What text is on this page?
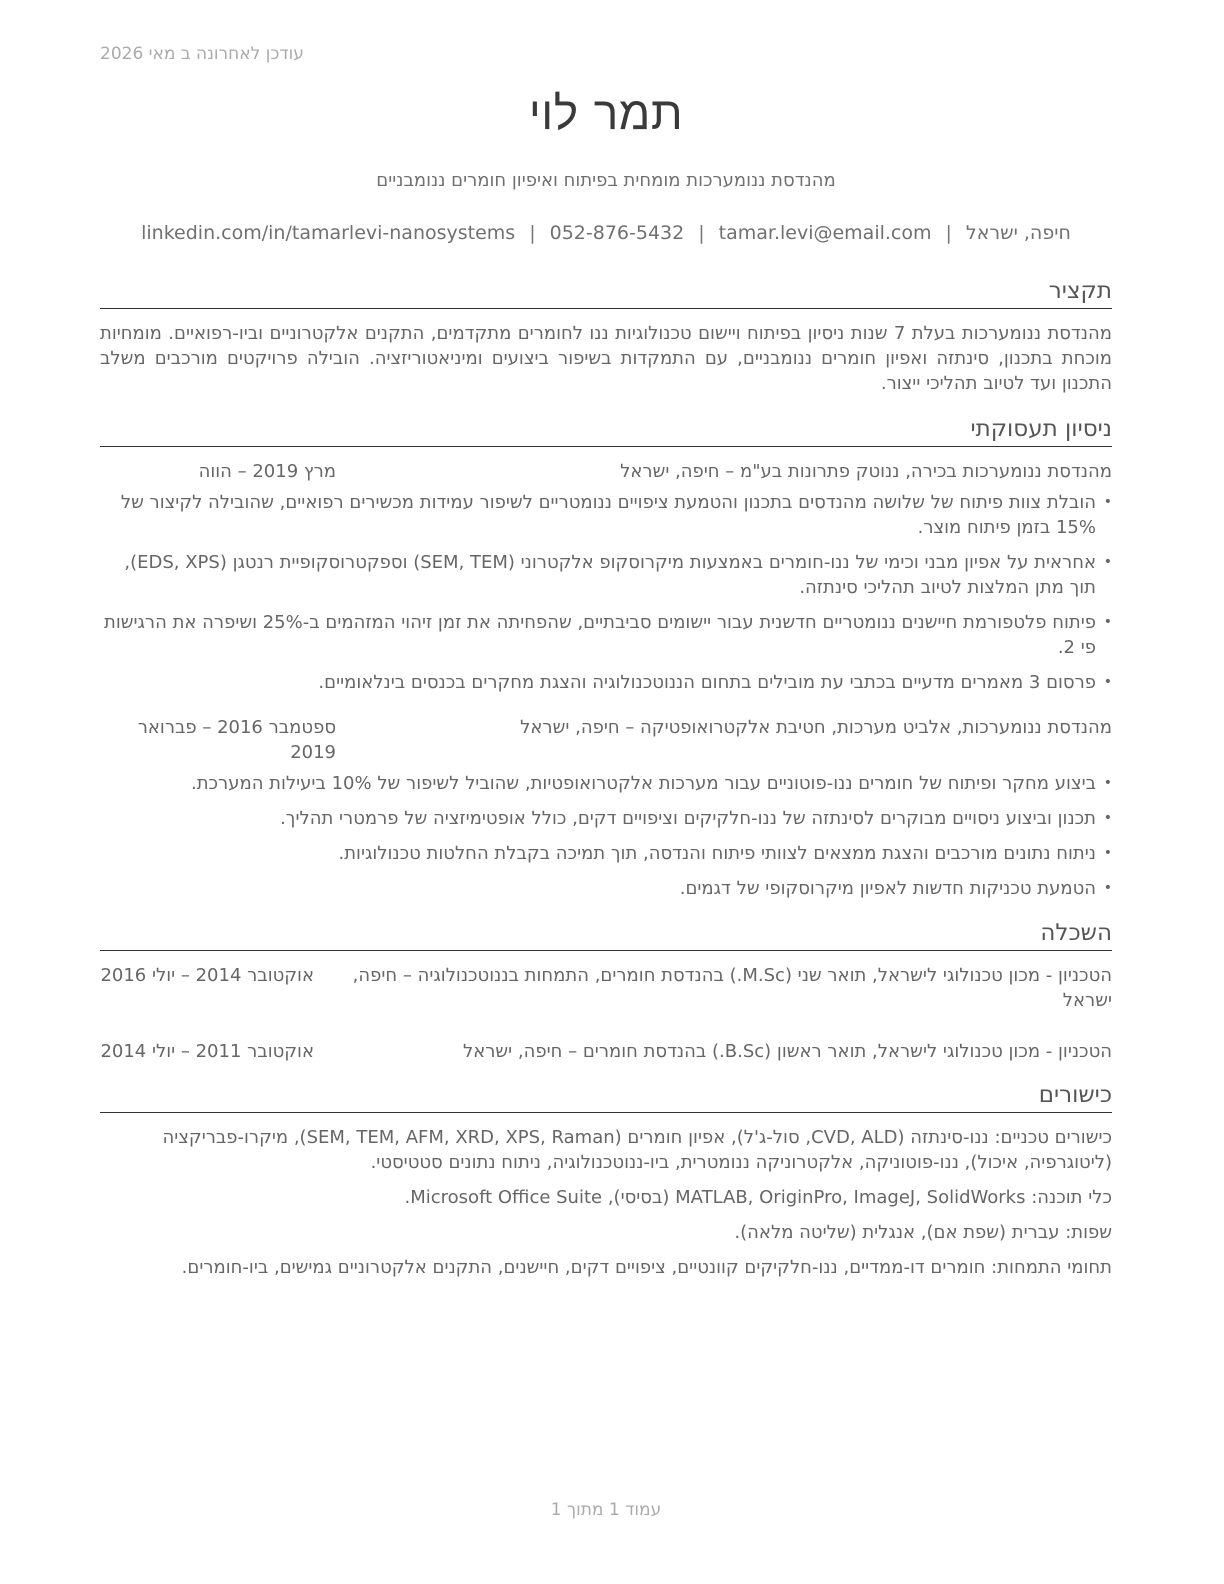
עודכן לאחרונה ב מאי 2026
תמר לוי
מהנדסת ננומערכות מומחית בפיתוח ואיפיון חומרים ננומבניים
חיפה, ישראל|tamar.levi@email.com|052-876-5432|linkedin.com/in/tamarlevi-nanosystems
תקציר

מהנדסת ננומערכות בעלת 7 שנות ניסיון בפיתוח ויישום טכנולוגיות ננו לחומרים מתקדמים, התקנים אלקטרוניים וביו-רפואיים. מומחיות מוכחת בתכנון, סינתזה ואפיון חומרים ננומבניים, עם התמקדות בשיפור ביצועים ומיניאטוריזציה. הובילה פרויקטים מורכבים משלב התכנון ועד לטיוב תהליכי ייצור.

ניסיון תעסוקתי
מהנדסת ננומערכות בכירה, ננוטק פתרונות בע"מ – חיפה, ישראל
מרץ 2019 – הווה
•
הובלת צוות פיתוח של שלושה מהנדסים בתכנון והטמעת ציפויים ננומטריים לשיפור עמידות מכשירים רפואיים, שהובילה לקיצור של 15% בזמן פיתוח מוצר.
•
אחראית על אפיון מבני וכימי של ננו-חומרים באמצעות מיקרוסקופ אלקטרוני (SEM, TEM) וספקטרוסקופיית רנטגן (EDS, XPS), תוך מתן המלצות לטיוב תהליכי סינתזה.
•
פיתוח פלטפורמת חיישנים ננומטריים חדשנית עבור יישומים סביבתיים, שהפחיתה את זמן זיהוי המזהמים ב-25% ושיפרה את הרגישות פי 2.
•
פרסום 3 מאמרים מדעיים בכתבי עת מובילים בתחום הננוטכנולוגיה והצגת מחקרים בכנסים בינלאומיים.
מהנדסת ננומערכות, אלביט מערכות, חטיבת אלקטרואופטיקה – חיפה, ישראל
ספטמבר 2016 – פברואר 2019
•
ביצוע מחקר ופיתוח של חומרים ננו-פוטוניים עבור מערכות אלקטרואופטיות, שהוביל לשיפור של 10% ביעילות המערכת.
•
תכנון וביצוע ניסויים מבוקרים לסינתזה של ננו-חלקיקים וציפויים דקים, כולל אופטימיזציה של פרמטרי תהליך.
•
ניתוח נתונים מורכבים והצגת ממצאים לצוותי פיתוח והנדסה, תוך תמיכה בקבלת החלטות טכנולוגיות.
•
הטמעת טכניקות חדשות לאפיון מיקרוסקופי של דגמים.
השכלה
הטכניון - מכון טכנולוגי לישראל, תואר שני (M.Sc.) בהנדסת חומרים, התמחות בננוטכנולוגיה – חיפה, ישראל
אוקטובר 2014 – יולי 2016
הטכניון - מכון טכנולוגי לישראל, תואר ראשון (B.Sc.) בהנדסת חומרים – חיפה, ישראל
אוקטובר 2011 – יולי 2014
כישורים
כישורים טכניים: ננו-סינתזה (CVD, ALD, סול-ג'ל), אפיון חומרים (SEM, TEM, AFM, XRD, XPS, Raman), מיקרו-פבריקציה (ליטוגרפיה, איכול), ננו-פוטוניקה, אלקטרוניקה ננומטרית, ביו-ננוטכנולוגיה, ניתוח נתונים סטטיסטי.
כלי תוכנה: MATLAB, OriginPro, ImageJ, SolidWorks (בסיסי), Microsoft Office Suite.
שפות: עברית (שפת אם), אנגלית (שליטה מלאה).
תחומי התמחות: חומרים דו-ממדיים, ננו-חלקיקים קוונטיים, ציפויים דקים, חיישנים, התקנים אלקטרוניים גמישים, ביו-חומרים.
עמוד 1 מתוך 1
